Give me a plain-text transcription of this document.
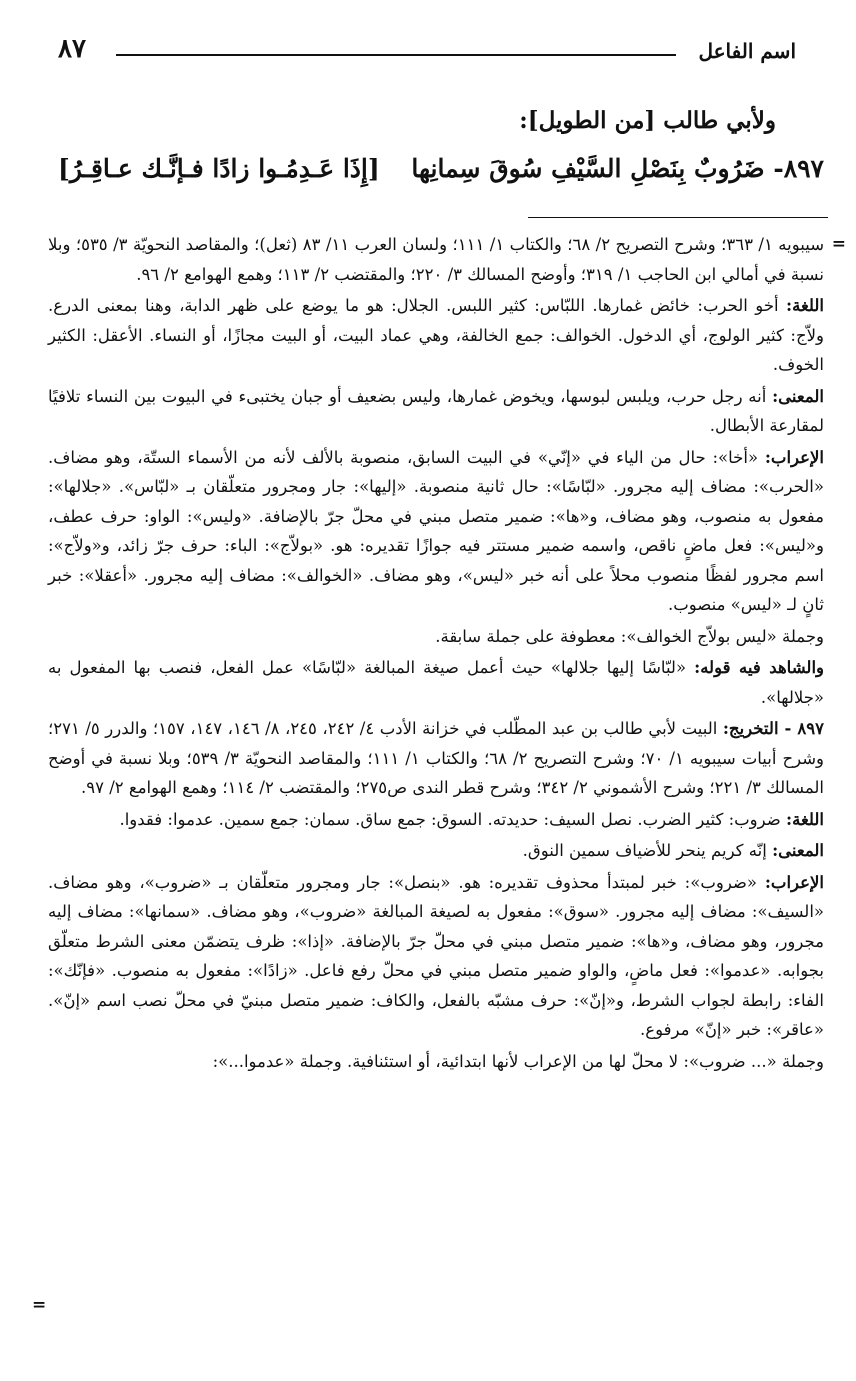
اسم الفاعل
٨٧
ولأبي طالب [من الطويل]:
٨٩٧- ضَرُوبٌ بِنَصْلِ السَّيْفِ سُوقَ سِمانِها
[إِذَا عَـدِمُـوا زادًا فـإنَّـك عـاقِـرُ]

=
سيبويه ١/ ٣٦٣؛ وشرح التصريح ٢/ ٦٨؛ والكتاب ١/ ١١١؛ ولسان العرب ١١/ ٨٣ (ثعل)؛ والمقاصد النحويّة ٣/ ٥٣٥؛ وبلا نسبة في أمالي ابن الحاجب ١/ ٣١٩؛ وأوضح المسالك ٣/ ٢٢٠؛ والمقتضب ٢/ ١١٣؛ وهمع الهوامع ٢/ ٩٦.

اللغة: أخو الحرب: خائض غمارها. اللبّاس: كثير اللبس. الجلال: هو ما يوضع على ظهر الدابة، وهنا بمعنى الدرع. ولاّج: كثير الولوج، أي الدخول. الخوالف: جمع الخالفة، وهي عماد البيت، أو البيت مجازًا، أو النساء. الأعقل: الكثير الخوف.

المعنى: أنه رجل حرب، ويلبس لبوسها، ويخوض غمارها، وليس بضعيف أو جبان يختبىء في البيوت بين النساء تلافيًا لمقارعة الأبطال.

الإعراب: «أخا»: حال من الياء في «إنّي» في البيت السابق، منصوبة بالألف لأنه من الأسماء الستّة، وهو مضاف. «الحرب»: مضاف إليه مجرور. «لبّاسًا»: حال ثانية منصوبة. «إليها»: جار ومجرور متعلّقان بـ «لبّاس». «جلالها»: مفعول به منصوب، وهو مضاف، و«ها»: ضمير متصل مبني في محلّ جرّ بالإضافة. «وليس»: الواو: حرف عطف، و«ليس»: فعل ماضٍ ناقص، واسمه ضمير مستتر فيه جوازًا تقديره: هو. «بولاّج»: الباء: حرف جرّ زائد، و«ولاّج»: اسم مجرور لفظًا منصوب محلاً على أنه خبر «ليس»، وهو مضاف. «الخوالف»: مضاف إليه مجرور. «أعقلا»: خبر ثانٍ لـ «ليس» منصوب.

وجملة «ليس بولاّج الخوالف»: معطوفة على جملة سابقة.

والشاهد فيه قوله: «لبّاسًا إليها جلالها» حيث أعمل صيغة المبالغة «لبّاسًا» عمل الفعل، فنصب بها المفعول به «جلالها».

٨٩٧ - التخريج: البيت لأبي طالب بن عبد المطّلب في خزانة الأدب ٤/ ٢٤٢، ٢٤٥، ٨/ ١٤٦، ١٤٧، ١٥٧؛ والدرر ٥/ ٢٧١؛ وشرح أبيات سيبويه ١/ ٧٠؛ وشرح التصريح ٢/ ٦٨؛ والكتاب ١/ ١١١؛ والمقاصد النحويّة ٣/ ٥٣٩؛ وبلا نسبة في أوضح المسالك ٣/ ٢٢١؛ وشرح الأشموني ٢/ ٣٤٢؛ وشرح قطر الندى ص٢٧٥؛ والمقتضب ٢/ ١١٤؛ وهمع الهوامع ٢/ ٩٧.

اللغة: ضروب: كثير الضرب. نصل السيف: حديدته. السوق: جمع ساق. سمان: جمع سمين. عدموا: فقدوا.

المعنى: إنّه كريم ينحر للأضياف سمين النوق.

الإعراب: «ضروب»: خبر لمبتدأ محذوف تقديره: هو. «بنصل»: جار ومجرور متعلّقان بـ «ضروب»، وهو مضاف. «السيف»: مضاف إليه مجرور. «سوق»: مفعول به لصيغة المبالغة «ضروب»، وهو مضاف. «سمانها»: مضاف إليه مجرور، وهو مضاف، و«ها»: ضمير متصل مبني في محلّ جرّ بالإضافة. «إذا»: ظرف يتضمّن معنى الشرط متعلّق بجوابه. «عدموا»: فعل ماضٍ، والواو ضمير متصل مبني في محلّ رفع فاعل. «زادًا»: مفعول به منصوب. «فإنّك»: الفاء: رابطة لجواب الشرط، و«إنّ»: حرف مشبّه بالفعل، والكاف: ضمير متصل مبنيّ في محلّ نصب اسم «إنّ». «عاقر»: خبر «إنّ» مرفوع.

وجملة «... ضروب»: لا محلّ لها من الإعراب لأنها ابتدائية، أو استئنافية. وجملة «عدموا...»:

=
